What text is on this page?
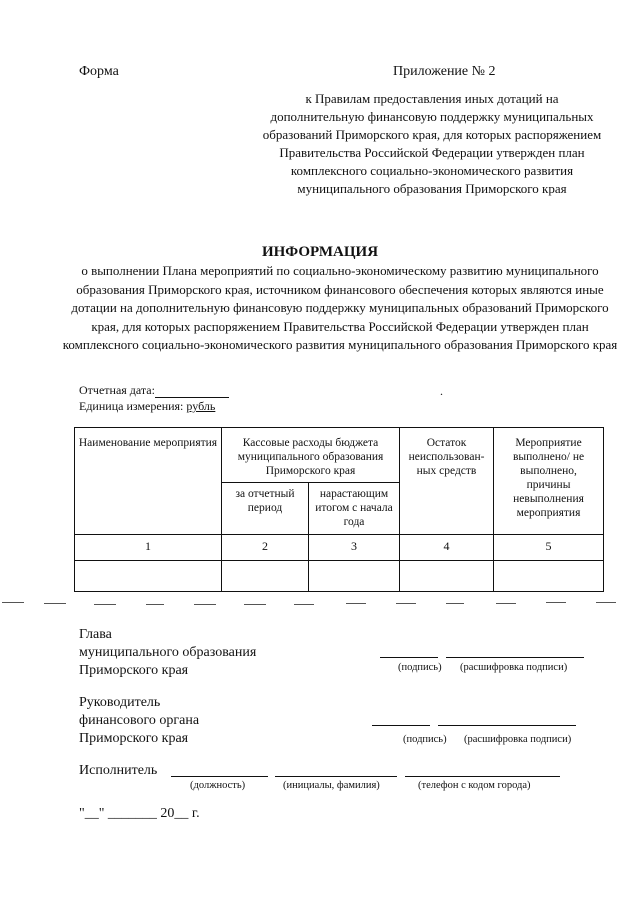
Форма	Приложение № 2
к Правилам предоставления иных дотаций на дополнительную финансовую поддержку муниципальных образований Приморского края, для которых распоряжением Правительства Российской Федерации утвержден план комплексного социально-экономического развития муниципального образования Приморского края
ИНФОРМАЦИЯ
о выполнении Плана мероприятий по социально-экономическому развитию муниципального образования Приморского края, источником финансового обеспечения которых являются иные дотации на дополнительную финансовую поддержку муниципальных образований Приморского края, для которых распоряжением Правительства Российской Федерации утвержден план комплексного социально-экономического развития муниципального образования Приморского края
Отчетная дата:	.
Единица измерения: рубль
Наименование мероприятия	Кассовые расходы бюджета муниципального образования Приморского края		Остаток неиспользован-ных средств	Мероприятие выполнено/ не выполнено, причины невыполнения мероприятия
	за отчетный период	нарастающим итогом с начала года		
1	2	3	4	5

Глава
муниципального образования
Приморского края	(подпись) (расшифровка подписи)
Руководитель
финансового органа
Приморского края	(подпись) (расшифровка подписи)
Исполнитель
(должность)	(инициалы, фамилия)	(телефон с кодом города)
"__" _______ 20__ г.
